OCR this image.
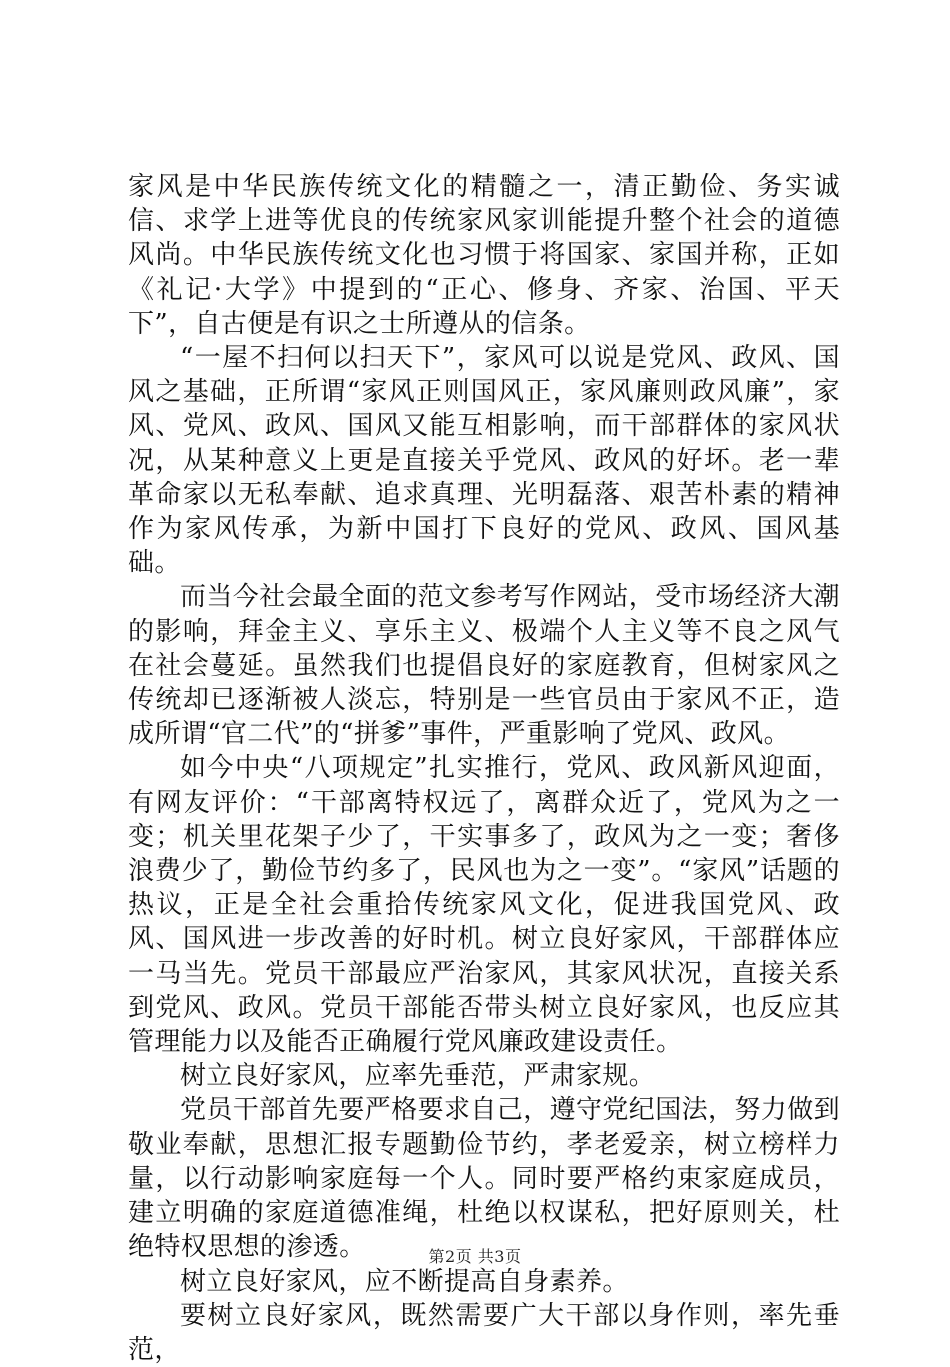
家风是中华民族传统文化的精髓之一，清正勤俭、务实诚信、求学上进等优良的传统家风家训能提升整个社会的道德风尚。中华民族传统文化也习惯于将国家、家国并称，正如《礼记·大学》中提到的“正心、修身、齐家、治国、平天下”，自古便是有识之士所遵从的信条。

“一屋不扫何以扫天下”，家风可以说是党风、政风、国风之基础，正所谓“家风正则国风正，家风廉则政风廉”，家风、党风、政风、国风又能互相影响，而干部群体的家风状况，从某种意义上更是直接关乎党风、政风的好坏。老一辈革命家以无私奉献、追求真理、光明磊落、艰苦朴素的精神作为家风传承，为新中国打下良好的党风、政风、国风基础。

而当今社会最全面的范文参考写作网站，受市场经济大潮的影响，拜金主义、享乐主义、极端个人主义等不良之风气在社会蔓延。虽然我们也提倡良好的家庭教育，但树家风之传统却已逐渐被人淡忘，特别是一些官员由于家风不正，造成所谓“官二代”的“拼爹”事件，严重影响了党风、政风。

如今中央“八项规定”扎实推行，党风、政风新风迎面，有网友评价：“干部离特权远了，离群众近了，党风为之一变；机关里花架子少了，干实事多了，政风为之一变；奢侈浪费少了，勤俭节约多了，民风也为之一变”。“家风”话题的热议，正是全社会重拾传统家风文化，促进我国党风、政风、国风进一步改善的好时机。树立良好家风，干部群体应一马当先。党员干部最应严治家风，其家风状况，直接关系到党风、政风。党员干部能否带头树立良好家风，也反应其管理能力以及能否正确履行党风廉政建设责任。

树立良好家风，应率先垂范，严肃家规。

党员干部首先要严格要求自己，遵守党纪国法，努力做到敬业奉献，思想汇报专题勤俭节约，孝老爱亲，树立榜样力量，以行动影响家庭每一个人。同时要严格约束家庭成员，建立明确的家庭道德准绳，杜绝以权谋私，把好原则关，杜绝特权思想的渗透。

树立良好家风，应不断提高自身素养。

要树立良好家风，既然需要广大干部以身作则，率先垂范，

第2页 共3页
